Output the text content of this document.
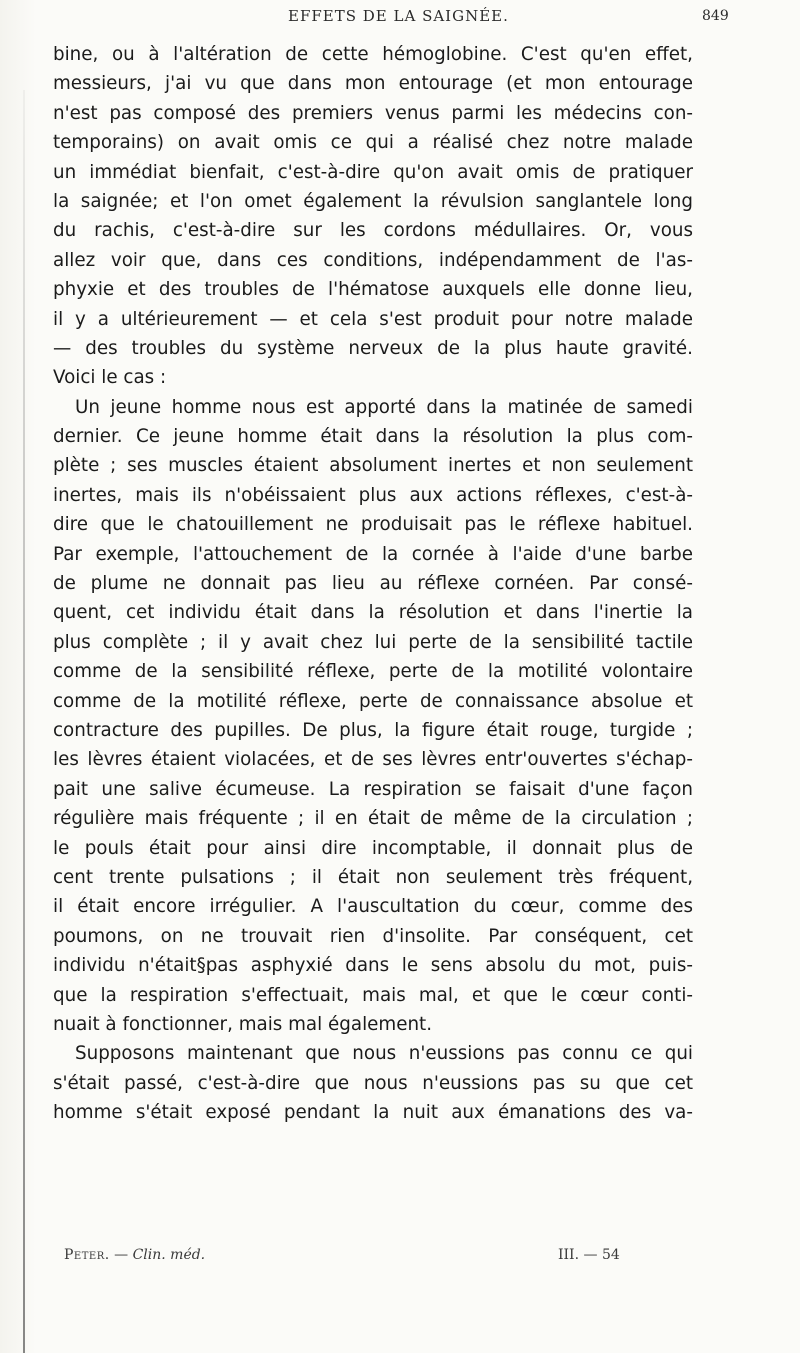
EFFETS DE LA SAIGNÉE.	849
bine, ou à l'altération de cette hémoglobine. C'est qu'en effet,
messieurs, j'ai vu que dans mon entourage (et mon entourage
n'est pas composé des premiers venus parmi les médecins con-
temporains) on avait omis ce qui a réalisé chez notre malade
un immédiat bienfait, c'est-à-dire qu'on avait omis de pratiquer
la saignée; et l'on omet également la révulsion sanglantele long
du rachis, c'est-à-dire sur les cordons médullaires. Or, vous
allez voir que, dans ces conditions, indépendamment de l'as-
phyxie et des troubles de l'hématose auxquels elle donne lieu,
il y a ultérieurement — et cela s'est produit pour notre malade
— des troubles du système nerveux de la plus haute gravité.
Voici le cas :
Un jeune homme nous est apporté dans la matinée de samedi
dernier. Ce jeune homme était dans la résolution la plus com-
plète ; ses muscles étaient absolument inertes et non seulement
inertes, mais ils n'obéissaient plus aux actions réflexes, c'est-à-
dire que le chatouillement ne produisait pas le réflexe habituel.
Par exemple, l'attouchement de la cornée à l'aide d'une barbe
de plume ne donnait pas lieu au réflexe cornéen. Par consé-
quent, cet individu était dans la résolution et dans l'inertie la
plus complète ; il y avait chez lui perte de la sensibilité tactile
comme de la sensibilité réflexe, perte de la motilité volontaire
comme de la motilité réflexe, perte de connaissance absolue et
contracture des pupilles. De plus, la figure était rouge, turgide ;
les lèvres étaient violacées, et de ses lèvres entr'ouvertes s'échap-
pait une salive écumeuse. La respiration se faisait d'une façon
régulière mais fréquente ; il en était de même de la circulation ;
le pouls était pour ainsi dire incomptable, il donnait plus de
cent trente pulsations ; il était non seulement très fréquent,
il était encore irrégulier. A l'auscultation du cœur, comme des
poumons, on ne trouvait rien d'insolite. Par conséquent, cet
individu n'était§pas asphyxié dans le sens absolu du mot, puis-
que la respiration s'effectuait, mais mal, et que le cœur conti-
nuait à fonctionner, mais mal également.
Supposons maintenant que nous n'eussions pas connu ce qui
s'était passé, c'est-à-dire que nous n'eussions pas su que cet
homme s'était exposé pendant la nuit aux émanations des va-
Peter. — Clin. méd.	III. — 54
